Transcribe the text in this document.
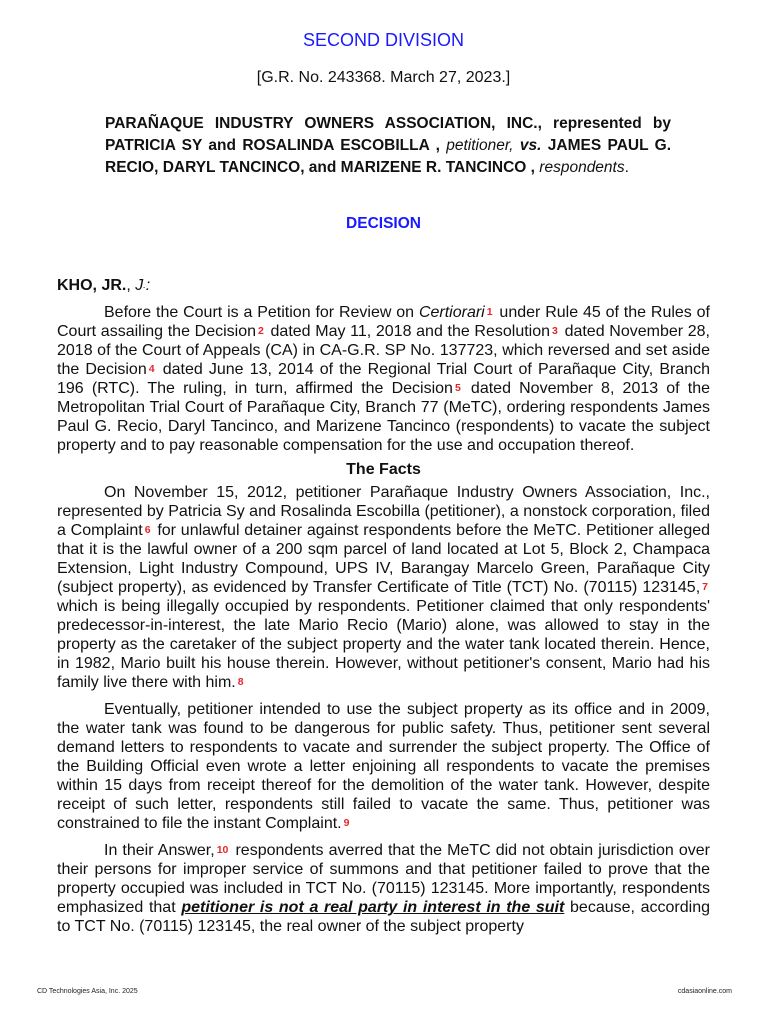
SECOND DIVISION
[G.R. No. 243368. March 27, 2023.]
PARAÑAQUE INDUSTRY OWNERS ASSOCIATION, INC., represented by PATRICIA SY and ROSALINDA ESCOBILLA , petitioner, vs. JAMES PAUL G. RECIO, DARYL TANCINCO, and MARIZENE R. TANCINCO , respondents.
DECISION
KHO, JR., J.:

Before the Court is a Petition for Review on Certiorari 1 under Rule 45 of the Rules of Court assailing the Decision 2 dated May 11, 2018 and the Resolution 3 dated November 28, 2018 of the Court of Appeals (CA) in CA-G.R. SP No. 137723, which reversed and set aside the Decision 4 dated June 13, 2014 of the Regional Trial Court of Parañaque City, Branch 196 (RTC). The ruling, in turn, affirmed the Decision 5 dated November 8, 2013 of the Metropolitan Trial Court of Parañaque City, Branch 77 (MeTC), ordering respondents James Paul G. Recio, Daryl Tancinco, and Marizene Tancinco (respondents) to vacate the subject property and to pay reasonable compensation for the use and occupation thereof.

The Facts

On November 15, 2012, petitioner Parañaque Industry Owners Association, Inc., represented by Patricia Sy and Rosalinda Escobilla (petitioner), a nonstock corporation, filed a Complaint 6 for unlawful detainer against respondents before the MeTC. Petitioner alleged that it is the lawful owner of a 200 sqm parcel of land located at Lot 5, Block 2, Champaca Extension, Light Industry Compound, UPS IV, Barangay Marcelo Green, Parañaque City (subject property), as evidenced by Transfer Certificate of Title (TCT) No. (70115) 123145, 7 which is being illegally occupied by respondents. Petitioner claimed that only respondents' predecessor-in-interest, the late Mario Recio (Mario) alone, was allowed to stay in the property as the caretaker of the subject property and the water tank located therein. Hence, in 1982, Mario built his house therein. However, without petitioner's consent, Mario had his family live there with him. 8

Eventually, petitioner intended to use the subject property as its office and in 2009, the water tank was found to be dangerous for public safety. Thus, petitioner sent several demand letters to respondents to vacate and surrender the subject property. The Office of the Building Official even wrote a letter enjoining all respondents to vacate the premises within 15 days from receipt thereof for the demolition of the water tank. However, despite receipt of such letter, respondents still failed to vacate the same. Thus, petitioner was constrained to file the instant Complaint. 9

In their Answer, 10 respondents averred that the MeTC did not obtain jurisdiction over their persons for improper service of summons and that petitioner failed to prove that the property occupied was included in TCT No. (70115) 123145. More importantly, respondents emphasized that petitioner is not a real party in interest in the suit because, according to TCT No. (70115) 123145, the real owner of the subject property

CD Technologies Asia, Inc. 2025	cdasiaonline.com
